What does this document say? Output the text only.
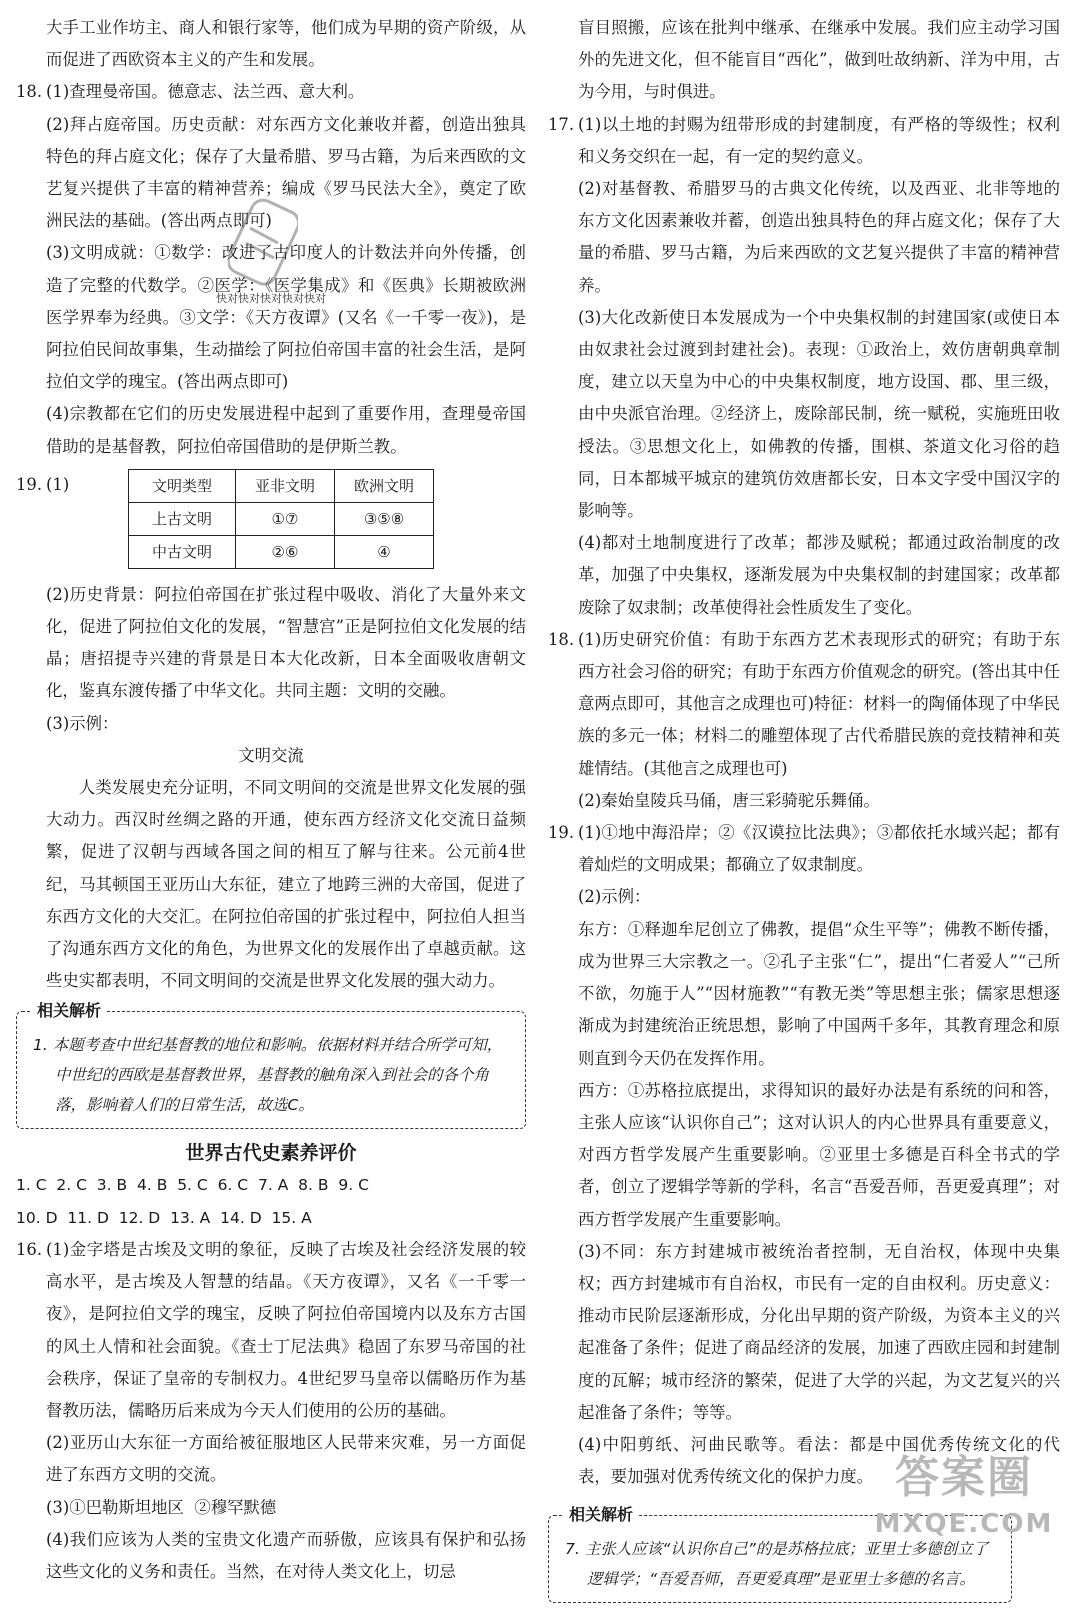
大手工业作坊主、商人和银行家等，他们成为早期的资产阶级，从而促进了西欧资本主义的产生和发展。

18. (1)查理曼帝国。德意志、法兰西、意大利。

(2)拜占庭帝国。历史贡献：对东西方文化兼收并蓄，创造出独具特色的拜占庭文化；保存了大量希腊、罗马古籍，为后来西欧的文艺复兴提供了丰富的精神营养；编成《罗马民法大全》，奠定了欧洲民法的基础。(答出两点即可)

(3)文明成就：①数学：改进了古印度人的计数法并向外传播，创造了完整的代数学。②医学：《医学集成》和《医典》长期被欧洲医学界奉为经典。③文学：《天方夜谭》(又名《一千零一夜》)，是阿拉伯民间故事集，生动描绘了阿拉伯帝国丰富的社会生活，是阿拉伯文学的瑰宝。(答出两点即可)

(4)宗教都在它们的历史发展进程中起到了重要作用，查理曼帝国借助的是基督教，阿拉伯帝国借助的是伊斯兰教。

19. (1)	文明类型	亚非文明	欧洲文明
上古文明	①⑦	③⑤⑧
中古文明	②⑥	④

(2)历史背景：阿拉伯帝国在扩张过程中吸收、消化了大量外来文化，促进了阿拉伯文化的发展，“智慧宫”正是阿拉伯文化发展的结晶；唐招提寺兴建的背景是日本大化改新，日本全面吸收唐朝文化，鉴真东渡传播了中华文化。共同主题：文明的交融。

(3)示例：

文明交流

人类发展史充分证明，不同文明间的交流是世界文化发展的强大动力。西汉时丝绸之路的开通，使东西方经济文化交流日益频繁，促进了汉朝与西域各国之间的相互了解与往来。公元前4世纪，马其顿国王亚历山大东征，建立了地跨三洲的大帝国，促进了东西方文化的大交汇。在阿拉伯帝国的扩张过程中，阿拉伯人担当了沟通东西方文化的角色，为世界文化的发展作出了卓越贡献。这些史实都表明，不同文明间的交流是世界文化发展的强大动力。

相关解析
1. 本题考查中世纪基督教的地位和影响。依据材料并结合所学可知，中世纪的西欧是基督教世界，基督教的触角深入到社会的各个角落，影响着人们的日常生活，故选C。
世界古代史素养评价
1. C  2. C  3. B  4. B  5. C  6. C  7. A  8. B  9. C
10. D  11. D  12. D  13. A  14. D  15. A
16. (1)金字塔是古埃及文明的象征，反映了古埃及社会经济发展的较高水平，是古埃及人智慧的结晶。《天方夜谭》，又名《一千零一夜》，是阿拉伯文学的瑰宝，反映了阿拉伯帝国境内以及东方古国的风土人情和社会面貌。《查士丁尼法典》稳固了东罗马帝国的社会秩序，保证了皇帝的专制权力。4世纪罗马皇帝以儒略历作为基督教历法，儒略历后来成为今天人们使用的公历的基础。

(2)亚历山大东征一方面给被征服地区人民带来灾难，另一方面促进了东西方文明的交流。

(3)①巴勒斯坦地区  ②穆罕默德

(4)我们应该为人类的宝贵文化遗产而骄傲，应该具有保护和弘扬这些文化的义务和责任。当然，在对待人类文化上，切忌

快对快对快对快对快对

盲目照搬，应该在批判中继承、在继承中发展。我们应主动学习国外的先进文化，但不能盲目“西化”，做到吐故纳新、洋为中用，古为今用，与时俱进。

17. (1)以土地的封赐为纽带形成的封建制度，有严格的等级性；权利和义务交织在一起，有一定的契约意义。

(2)对基督教、希腊罗马的古典文化传统，以及西亚、北非等地的东方文化因素兼收并蓄，创造出独具特色的拜占庭文化；保存了大量的希腊、罗马古籍，为后来西欧的文艺复兴提供了丰富的精神营养。

(3)大化改新使日本发展成为一个中央集权制的封建国家(或使日本由奴隶社会过渡到封建社会)。表现：①政治上，效仿唐朝典章制度，建立以天皇为中心的中央集权制度，地方设国、郡、里三级，由中央派官治理。②经济上，废除部民制，统一赋税，实施班田收授法。③思想文化上，如佛教的传播，围棋、茶道文化习俗的趋同，日本都城平城京的建筑仿效唐都长安，日本文字受中国汉字的影响等。

(4)都对土地制度进行了改革；都涉及赋税；都通过政治制度的改革，加强了中央集权，逐渐发展为中央集权制的封建国家；改革都废除了奴隶制；改革使得社会性质发生了变化。

18. (1)历史研究价值：有助于东西方艺术表现形式的研究；有助于东西方社会习俗的研究；有助于东西方价值观念的研究。(答出其中任意两点即可，其他言之成理也可)特征：材料一的陶俑体现了中华民族的多元一体；材料二的雕塑体现了古代希腊民族的竞技精神和英雄情结。(其他言之成理也可)

(2)秦始皇陵兵马俑，唐三彩骑驼乐舞俑。

19. (1)①地中海沿岸；②《汉谟拉比法典》；③都依托水域兴起；都有着灿烂的文明成果；都确立了奴隶制度。

(2)示例：

东方：①释迦牟尼创立了佛教，提倡“众生平等”；佛教不断传播，成为世界三大宗教之一。②孔子主张“仁”，提出“仁者爱人”“己所不欲，勿施于人”“因材施教”“有教无类”等思想主张；儒家思想逐渐成为封建统治正统思想，影响了中国两千多年，其教育理念和原则直到今天仍在发挥作用。

西方：①苏格拉底提出，求得知识的最好办法是有系统的问和答，主张人应该“认识你自己”；这对认识人的内心世界具有重要意义，对西方哲学发展产生重要影响。②亚里士多德是百科全书式的学者，创立了逻辑学等新的学科，名言“吾爱吾师，吾更爱真理”；对西方哲学发展产生重要影响。

(3)不同：东方封建城市被统治者控制，无自治权，体现中央集权；西方封建城市有自治权，市民有一定的自由权利。历史意义：推动市民阶层逐渐形成，分化出早期的资产阶级，为资本主义的兴起准备了条件；促进了商品经济的发展，加速了西欧庄园和封建制度的瓦解；城市经济的繁荣，促进了大学的兴起，为文艺复兴的兴起准备了条件；等等。

(4)中阳剪纸、河曲民歌等。看法：都是中国优秀传统文化的代表，要加强对优秀传统文化的保护力度。

相关解析
7. 主张人应该“认识你自己”的是苏格拉底；亚里士多德创立了逻辑学；“吾爱吾师，吾更爱真理”是亚里士多德的名言。
答案圈
MXQE.COM
